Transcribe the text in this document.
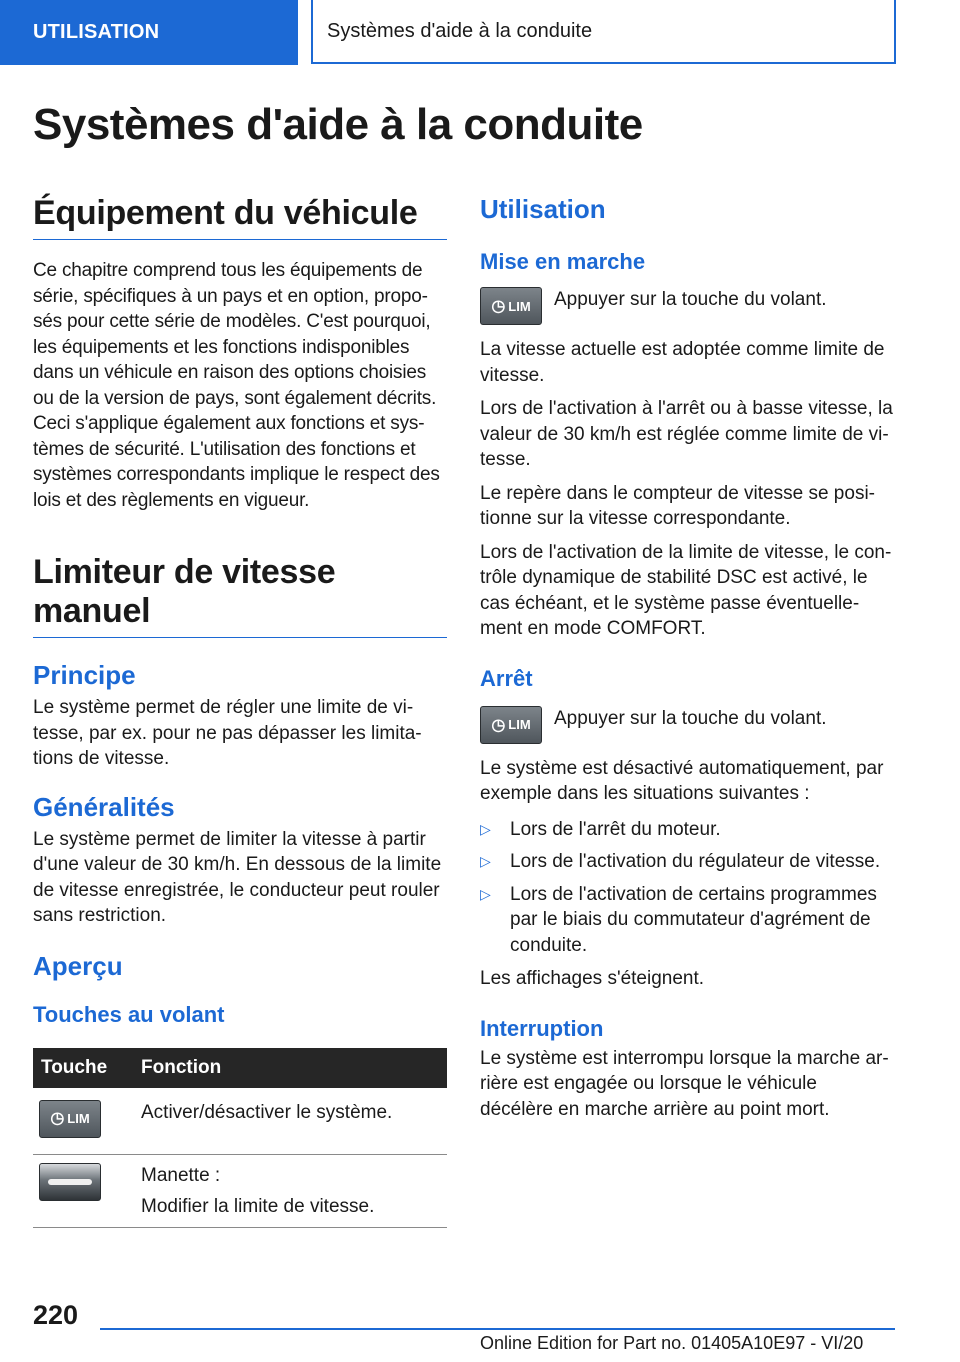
UTILISATION	Systèmes d'aide à la conduite
Systèmes d'aide à la conduite
Équipement du véhicule

Ce chapitre comprend tous les équipements de série, spécifiques à un pays et en option, propo-sés pour cette série de modèles. C'est pourquoi, les équipements et les fonctions indisponibles dans un véhicule en raison des options choisies ou de la version de pays, sont également décrits. Ceci s'applique également aux fonctions et sys-tèmes de sécurité. L'utilisation des fonctions et systèmes correspondants implique le respect des lois et des règlements en vigueur.

Limiteur de vitesse manuel
Principe

Le système permet de régler une limite de vi-tesse, par ex. pour ne pas dépasser les limita-tions de vitesse.

Généralités

Le système permet de limiter la vitesse à partir d'une valeur de 30 km/h. En dessous de la limite de vitesse enregistrée, le conducteur peut rouler sans restriction.

Aperçu
Touches au volant
Touche	Fonction

◷ LIM	Activer/désactiver le système.

	Manette :
Modifier la limite de vitesse.
Utilisation
Mise en marche
◷ LIM Appuyer sur la touche du volant.

La vitesse actuelle est adoptée comme limite de vitesse.

Lors de l'activation à l'arrêt ou à basse vitesse, la valeur de 30 km/h est réglée comme limite de vi-tesse.

Le repère dans le compteur de vitesse se posi-tionne sur la vitesse correspondante.

Lors de l'activation de la limite de vitesse, le con-trôle dynamique de stabilité DSC est activé, le cas échéant, et le système passe éventuelle-ment en mode COMFORT.

Arrêt
◷ LIM Appuyer sur la touche du volant.

Le système est désactivé automatiquement, par exemple dans les situations suivantes :

▷ Lors de l'arrêt du moteur.

▷ Lors de l'activation du régulateur de vitesse.

▷ Lors de l'activation de certains programmes par le biais du commutateur d'agrément de conduite.

Les affichages s'éteignent.

Interruption

Le système est interrompu lorsque la marche ar-rière est engagée ou lorsque le véhicule décélère en marche arrière au point mort.

220
Online Edition for Part no. 01405A10E97 - VI/20
